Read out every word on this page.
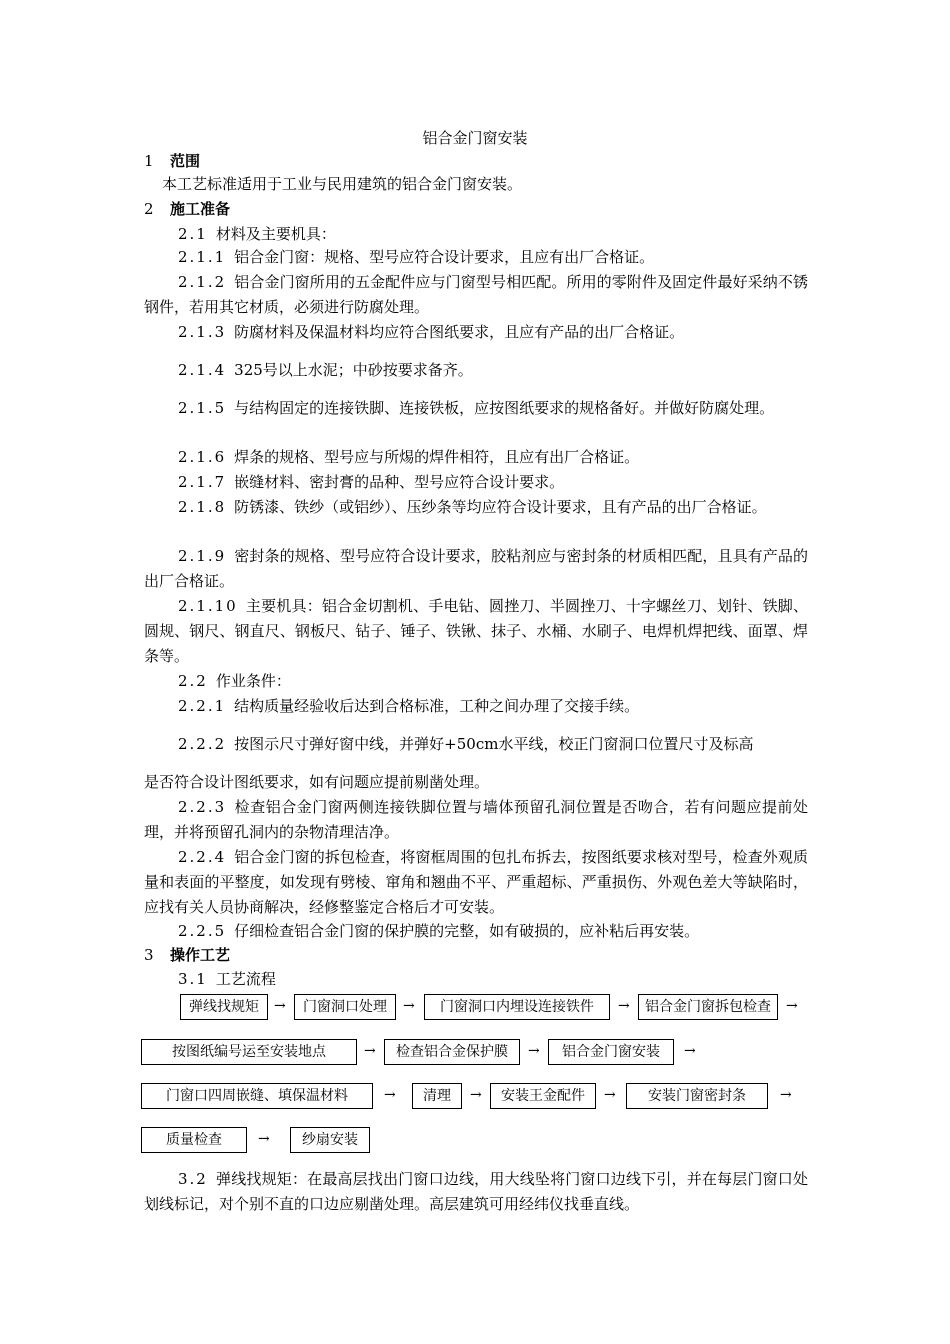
铝合金门窗安装
1 范围
本工艺标准适用于工业与民用建筑的铝合金门窗安装。
2 施工准备
2.1 材料及主要机具：
2.1.1 铝合金门窗：规格、型号应符合设计要求，且应有出厂合格证。
2.1.2 铝合金门窗所用的五金配件应与门窗型号相匹配。所用的零附件及固定件最好采纳不锈钢件，若用其它材质，必须进行防腐处理。
2.1.3 防腐材料及保温材料均应符合图纸要求，且应有产品的出厂合格证。
2.1.4 325号以上水泥；中砂按要求备齐。
2.1.5 与结构固定的连接铁脚、连接铁板，应按图纸要求的规格备好。并做好防腐处理。
2.1.6 焊条的规格、型号应与所焬的焊件相符，且应有出厂合格证。
2.1.7 嵌缝材料、密封膏的品种、型号应符合设计要求。
2.1.8 防锈漆、铁纱（或铝纱）、压纱条等均应符合设计要求，且有产品的出厂合格证。
2.1.9 密封条的规格、型号应符合设计要求，胶粘剂应与密封条的材质相匹配，且具有产品的出厂合格证。
2.1.10 主要机具：铝合金切割机、手电钻、圆挫刀、半圆挫刀、十字螺丝刀、划针、铁脚、圆规、钢尺、钢直尺、钢板尺、钻子、锤子、铁锹、抹子、水桶、水刷子、电焊机焊把线、面罩、焊条等。
2.2 作业条件：
2.2.1 结构质量经验收后达到合格标准，工种之间办理了交接手续。
2.2.2 按图示尺寸弹好窗中线，并弹好+50cm水平线，校正门窗洞口位置尺寸及标高
是否符合设计图纸要求，如有问题应提前剔凿处理。
2.2.3 检查铝合金门窗两侧连接铁脚位置与墙体预留孔洞位置是否吻合，若有问题应提前处理，并将预留孔洞内的杂物清理洁净。
2.2.4 铝合金门窗的拆包检查，将窗框周围的包扎布拆去，按图纸要求核对型号，检查外观质量和表面的平整度，如发现有劈棱、窜角和翘曲不平、严重超标、严重损伤、外观色差大等缺陷时，应找有关人员协商解决，经修整鉴定合格后才可安装。
2.2.5 仔细检查铝合金门窗的保护膜的完整，如有破损的，应补粘后再安装。
3 操作工艺
3.1 工艺流程
弹线找规矩	→	门窗洞口处理	→	门窗洞口内埋设连接铁件	→	铝合金门窗拆包检查	→
按图纸编号运至安装地点	→	检查铝合金保护膜	→	铝合金门窗安装	→
门窗口四周嵌缝、填保温材料	→	清理	→	安装王金配件	→	安装门窗密封条	→
质量检查	→	纱扇安装
3.2 弹线找规矩：在最高层找出门窗口边线，用大线坠将门窗口边线下引，并在每层门窗口处划线标记，对个别不直的口边应剔凿处理。高层建筑可用经纬仪找垂直线。
